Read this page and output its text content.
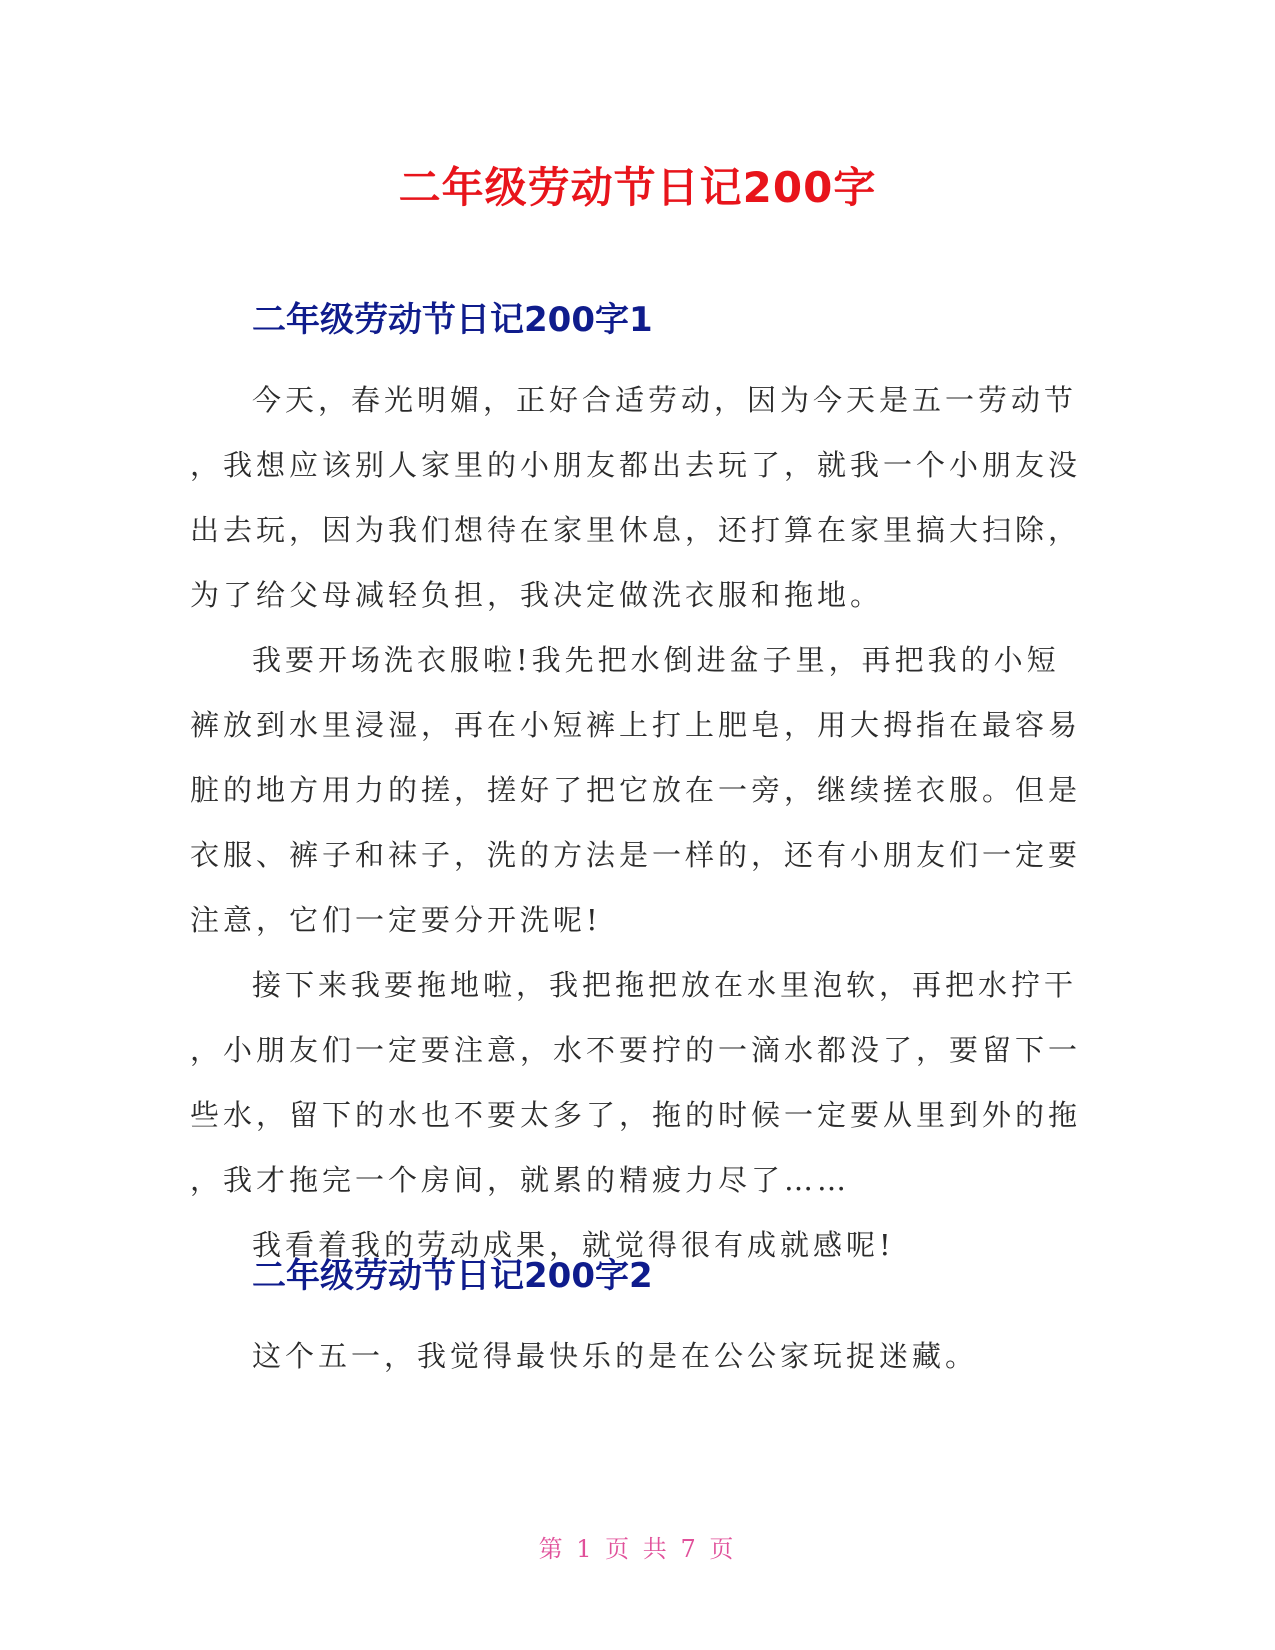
二年级劳动节日记200字
二年级劳动节日记200字1
今天，春光明媚，正好合适劳动，因为今天是五一劳动节
，我想应该别人家里的小朋友都出去玩了，就我一个小朋友没
出去玩，因为我们想待在家里休息，还打算在家里搞大扫除，
为了给父母减轻负担，我决定做洗衣服和拖地。
我要开场洗衣服啦!我先把水倒进盆子里，再把我的小短
裤放到水里浸湿，再在小短裤上打上肥皂，用大拇指在最容易
脏的地方用力的搓，搓好了把它放在一旁，继续搓衣服。但是
衣服、裤子和袜子，洗的方法是一样的，还有小朋友们一定要
注意，它们一定要分开洗呢!
接下来我要拖地啦，我把拖把放在水里泡软，再把水拧干
，小朋友们一定要注意，水不要拧的一滴水都没了，要留下一
些水，留下的水也不要太多了，拖的时候一定要从里到外的拖
，我才拖完一个房间，就累的精疲力尽了……
我看着我的劳动成果，就觉得很有成就感呢!
二年级劳动节日记200字2
这个五一，我觉得最快乐的是在公公家玩捉迷藏。
第 1 页 共 7 页
